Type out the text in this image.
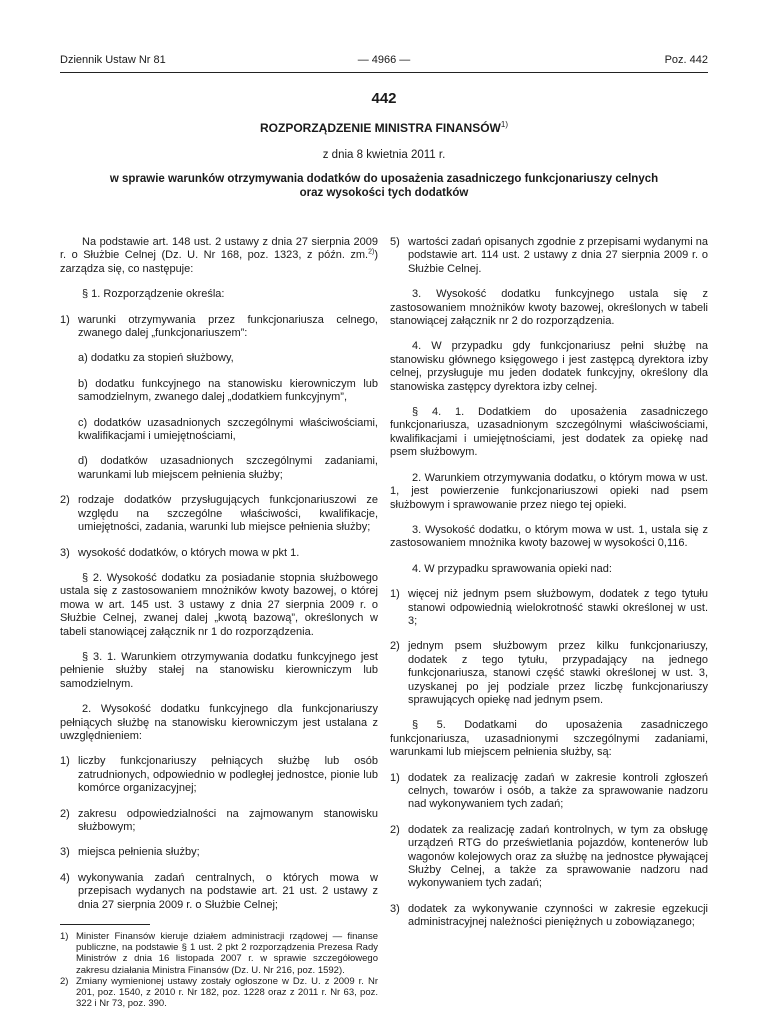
Dziennik Ustaw Nr 81	— 4966 —	Poz. 442
442
ROZPORZĄDZENIE MINISTRA FINANSÓW$^{1)}$
z dnia 8 kwietnia 2011 r.
w sprawie warunków otrzymywania dodatków do uposażenia zasadniczego funkcjonariuszy celnych oraz wysokości tych dodatków

Na podstawie art. 148 ust. 2 ustawy z dnia 27 sierpnia 2009 r. o Służbie Celnej (Dz. U. Nr 168, poz. 1323, z późn. zm.$^{2)}$) zarządza się, co następuje:

§ 1. Rozporządzenie określa:

1) warunki otrzymywania przez funkcjonariusza celnego, zwanego dalej „funkcjonariuszem”:
a) dodatku za stopień służbowy,
b) dodatku funkcyjnego na stanowisku kierowniczym lub samodzielnym, zwanego dalej „dodatkiem funkcyjnym”,
c) dodatków uzasadnionych szczególnymi właściwościami, kwalifikacjami i umiejętnościami,
d) dodatków uzasadnionych szczególnymi zadaniami, warunkami lub miejscem pełnienia służby;
2) rodzaje dodatków przysługujących funkcjonariuszowi ze względu na szczególne właściwości, kwalifikacje, umiejętności, zadania, warunki lub miejsce pełnienia służby;
3) wysokość dodatków, o których mowa w pkt 1.

§ 2. Wysokość dodatku za posiadanie stopnia służbowego ustala się z zastosowaniem mnożników kwoty bazowej, o której mowa w art. 145 ust. 3 ustawy z dnia 27 sierpnia 2009 r. o Służbie Celnej, zwanej dalej „kwotą bazową”, określonych w tabeli stanowiącej załącznik nr 1 do rozporządzenia.

§ 3. 1. Warunkiem otrzymywania dodatku funkcyjnego jest pełnienie służby stałej na stanowisku kierowniczym lub samodzielnym.

2. Wysokość dodatku funkcyjnego dla funkcjonariuszy pełniących służbę na stanowisku kierowniczym jest ustalana z uwzględnieniem:

1) liczby funkcjonariuszy pełniących służbę lub osób zatrudnionych, odpowiednio w podległej jednostce, pionie lub komórce organizacyjnej;
2) zakresu odpowiedzialności na zajmowanym stanowisku służbowym;
3) miejsca pełnienia służby;
4) wykonywania zadań centralnych, o których mowa w przepisach wydanych na podstawie art. 21 ust. 2 ustawy z dnia 27 sierpnia 2009 r. o Służbie Celnej;
1) Minister Finansów kieruje działem administracji rządowej — finanse publiczne, na podstawie § 1 ust. 2 pkt 2 rozporządzenia Prezesa Rady Ministrów z dnia 16 listopada 2007 r. w sprawie szczegółowego zakresu działania Ministra Finansów (Dz. U. Nr 216, poz. 1592).
2) Zmiany wymienionej ustawy zostały ogłoszone w Dz. U. z 2009 r. Nr 201, poz. 1540, z 2010 r. Nr 182, poz. 1228 oraz z 2011 r. Nr 63, poz. 322 i Nr 73, poz. 390.
5) wartości zadań opisanych zgodnie z przepisami wydanymi na podstawie art. 114 ust. 2 ustawy z dnia 27 sierpnia 2009 r. o Służbie Celnej.

3. Wysokość dodatku funkcyjnego ustala się z zastosowaniem mnożników kwoty bazowej, określonych w tabeli stanowiącej załącznik nr 2 do rozporządzenia.

4. W przypadku gdy funkcjonariusz pełni służbę na stanowisku głównego księgowego i jest zastępcą dyrektora izby celnej, przysługuje mu jeden dodatek funkcyjny, określony dla stanowiska zastępcy dyrektora izby celnej.

§ 4. 1. Dodatkiem do uposażenia zasadniczego funkcjonariusza, uzasadnionym szczególnymi właściwościami, kwalifikacjami i umiejętnościami, jest dodatek za opiekę nad psem służbowym.

2. Warunkiem otrzymywania dodatku, o którym mowa w ust. 1, jest powierzenie funkcjonariuszowi opieki nad psem służbowym i sprawowanie przez niego tej opieki.

3. Wysokość dodatku, o którym mowa w ust. 1, ustala się z zastosowaniem mnożnika kwoty bazowej w wysokości 0,116.

4. W przypadku sprawowania opieki nad:

1) więcej niż jednym psem służbowym, dodatek z tego tytułu stanowi odpowiednią wielokrotność stawki określonej w ust. 3;
2) jednym psem służbowym przez kilku funkcjonariuszy, dodatek z tego tytułu, przypadający na jednego funkcjonariusza, stanowi część stawki określonej w ust. 3, uzyskanej po jej podziale przez liczbę funkcjonariuszy sprawujących opiekę nad jednym psem.

§ 5. Dodatkami do uposażenia zasadniczego funkcjonariusza, uzasadnionymi szczególnymi zadaniami, warunkami lub miejscem pełnienia służby, są:

1) dodatek za realizację zadań w zakresie kontroli zgłoszeń celnych, towarów i osób, a także za sprawowanie nadzoru nad wykonywaniem tych zadań;
2) dodatek za realizację zadań kontrolnych, w tym za obsługę urządzeń RTG do prześwietlania pojazdów, kontenerów lub wagonów kolejowych oraz za służbę na jednostce pływającej Służby Celnej, a także za sprawowanie nadzoru nad wykonywaniem tych zadań;
3) dodatek za wykonywanie czynności w zakresie egzekucji administracyjnej należności pieniężnych u zobowiązanego;
